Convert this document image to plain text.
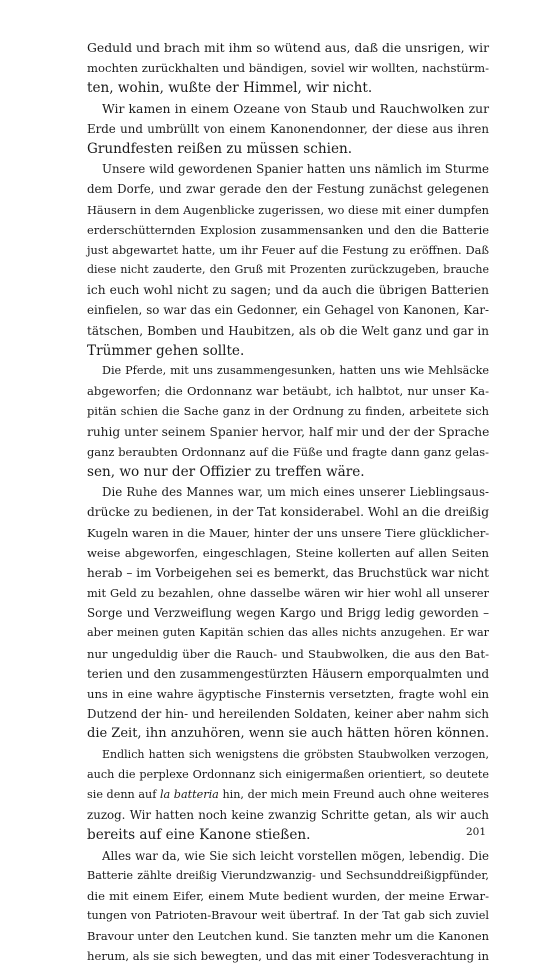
Geduld und brach mit ihm so wütend aus, daß die unsrigen, wir
mochten zurückhalten und bändigen, soviel wir wollten, nachstürm-
ten, wohin, wußte der Himmel, wir nicht.
Wir kamen in einem Ozeane von Staub und Rauchwolken zur
Erde und umbrüllt von einem Kanonendonner, der diese aus ihren
Grundfesten reißen zu müssen schien.
Unsere wild gewordenen Spanier hatten uns nämlich im Sturme
dem Dorfe, und zwar gerade den der Festung zunächst gelegenen
Häusern in dem Augenblicke zugerissen, wo diese mit einer dumpfen
erderschütternden Explosion zusammensanken und den die Batterie
just abgewartet hatte, um ihr Feuer auf die Festung zu eröffnen. Daß
diese nicht zauderte, den Gruß mit Prozenten zurückzugeben, brauche
ich euch wohl nicht zu sagen; und da auch die übrigen Batterien
einfielen, so war das ein Gedonner, ein Gehagel von Kanonen, Kar-
tätschen, Bomben und Haubitzen, als ob die Welt ganz und gar in
Trümmer gehen sollte.
Die Pferde, mit uns zusammengesunken, hatten uns wie Mehlsäcke
abgeworfen; die Ordonnanz war betäubt, ich halbtot, nur unser Ka-
pitän schien die Sache ganz in der Ordnung zu finden, arbeitete sich
ruhig unter seinem Spanier hervor, half mir und der der Sprache
ganz beraubten Ordonnanz auf die Füße und fragte dann ganz gelas-
sen, wo nur der Offizier zu treffen wäre.
Die Ruhe des Mannes war, um mich eines unserer Lieblingsaus-
drücke zu bedienen, in der Tat konsiderabel. Wohl an die dreißig
Kugeln waren in die Mauer, hinter der uns unsere Tiere glücklicher-
weise abgeworfen, eingeschlagen, Steine kollerten auf allen Seiten
herab – im Vorbeigehen sei es bemerkt, das Bruchstück war nicht
mit Geld zu bezahlen, ohne dasselbe wären wir hier wohl all unserer
Sorge und Verzweiflung wegen Kargo und Brigg ledig geworden –
aber meinen guten Kapitän schien das alles nichts anzugehen. Er war
nur ungeduldig über die Rauch- und Staubwolken, die aus den Bat-
terien und den zusammengestürzten Häusern emporqualmten und
uns in eine wahre ägyptische Finsternis versetzten, fragte wohl ein
Dutzend der hin- und hereilenden Soldaten, keiner aber nahm sich
die Zeit, ihn anzuhören, wenn sie auch hätten hören können.
Endlich hatten sich wenigstens die gröbsten Staubwolken verzogen,
auch die perplexe Ordonnanz sich einigermaßen orientiert, so deutete
sie denn auf la batteria hin, der mich mein Freund auch ohne weiteres
zuzog. Wir hatten noch keine zwanzig Schritte getan, als wir auch
bereits auf eine Kanone stießen.
Alles war da, wie Sie sich leicht vorstellen mögen, lebendig. Die
Batterie zählte dreißig Vierundzwanzig- und Sechsunddreißigpfünder,
die mit einem Eifer, einem Mute bedient wurden, der meine Erwar-
tungen von Patrioten-Bravour weit übertraf. In der Tat gab sich zuviel
Bravour unter den Leutchen kund. Sie tanzten mehr um die Kanonen
herum, als sie sich bewegten, und das mit einer Todesverachtung in
201
